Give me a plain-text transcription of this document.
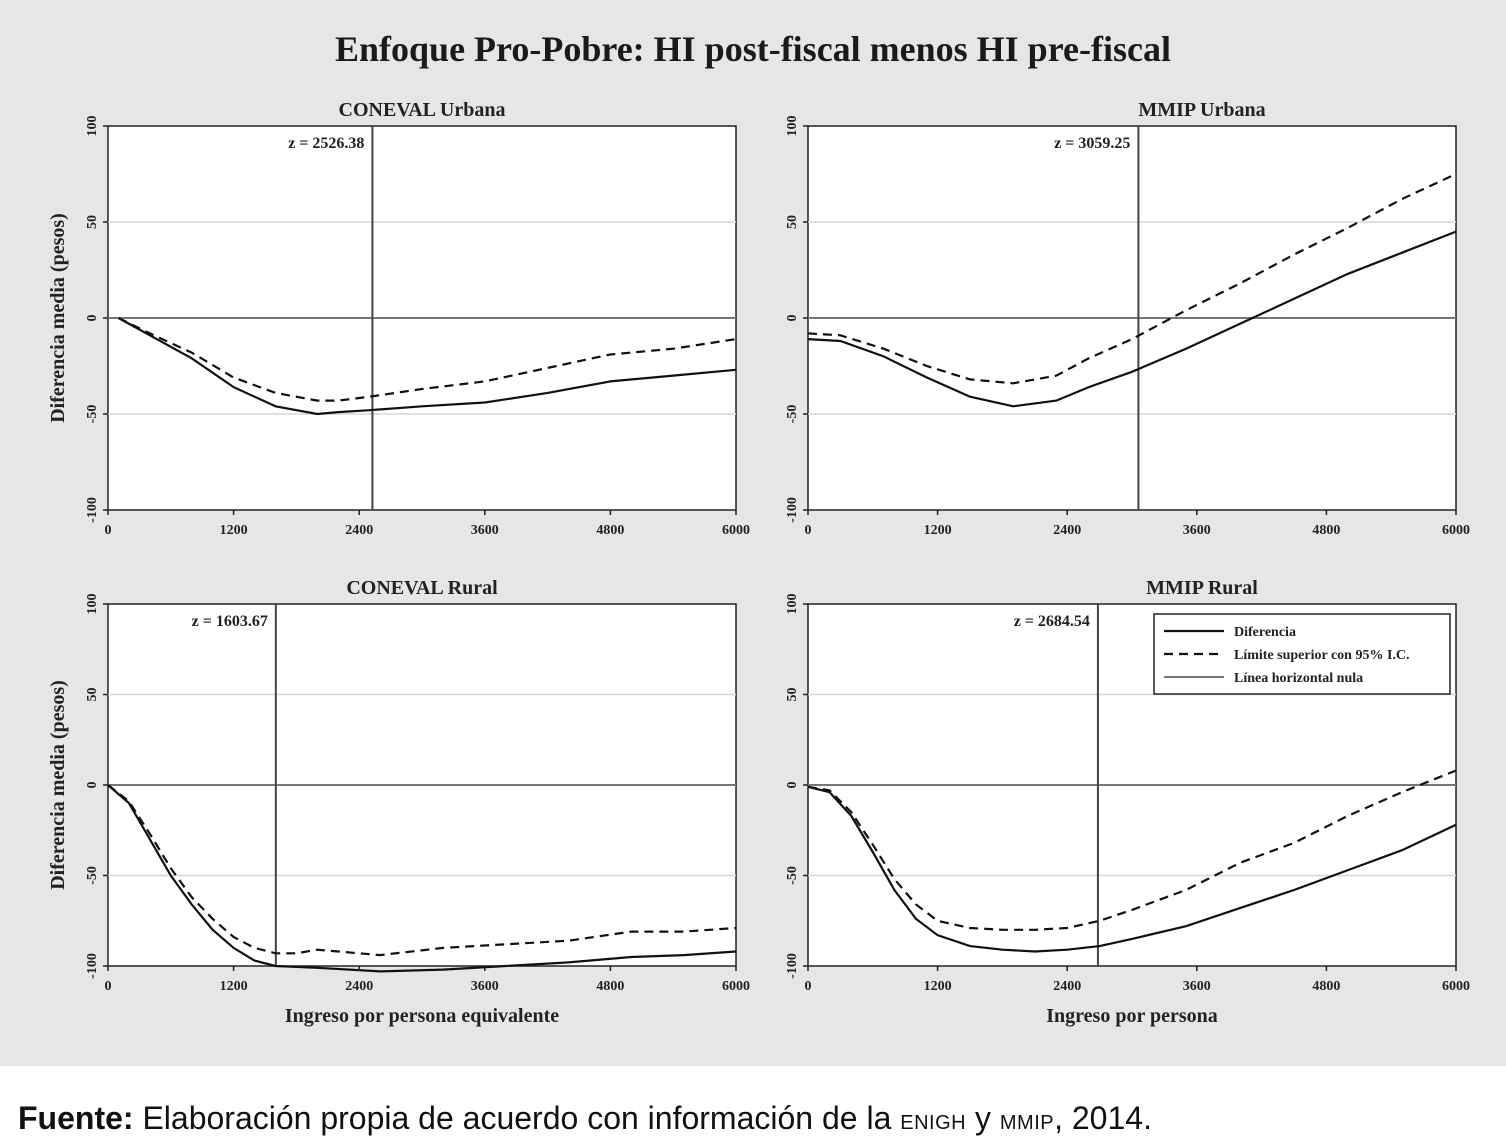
Enfoque Pro-Pobre: HI post-fiscal menos HI pre-fiscal
z = 2526.38
0	1200	2400	3600	4800	6000
-100
-50
0
50
100
CONEVAL Urbana
Diferencia media (pesos)
z = 3059.25
0	1200	2400	3600	4800	6000
-100
-50
0
50
100
MMIP Urbana
z = 1603.67
0	1200	2400	3600	4800	6000
-100
-50
0
50
100
CONEVAL Rural
Diferencia media (pesos)
Ingreso por persona equivalente
z = 2684.54
0	1200	2400	3600	4800	6000
-100
-50
0
50
100
MMIP Rural
Ingreso por persona
Diferencia
Límite superior con 95% I.C.
Línea horizontal nula
Fuente: Elaboración propia de acuerdo con información de la ENIGH y MMIP, 2014.
